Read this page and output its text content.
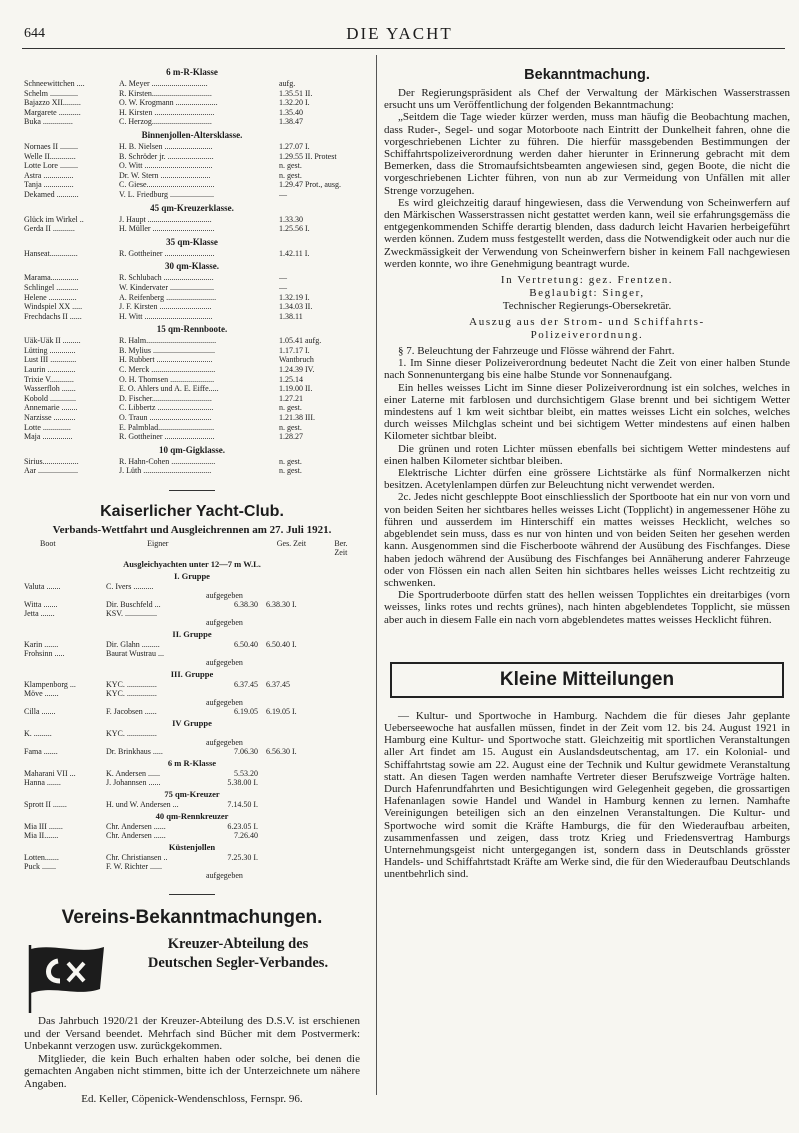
644	DIE YACHT
6 m-R-Klasse
Schneewittchen ....	A. Meyer ............................	aufg.
Schelm ..............	R. Kirsten..............................	1.35.51 II.
Bajazzo XII.........	O. W. Krogmann .....................	1.32.20 I.
Margarete ...........	H. Kirsten ..............................	1.35.40
Buka ...............	C. Herzog..............................	1.38.47
Binnenjollen-Altersklasse.
Nornaes II .........	H. B. Nielsen ........................	1.27.07 I.
Welle II.............	B. Schröder jr. .......................	1.29.55 II. Protest
Lotte Lore .........	O. Witt ..................................	n. gest.
Astra ...............	Dr. W. Stern .........................	n. gest.
Tanja ...............	C. Giese..................................	1.29.47 Prot., ausg.
Dekamed ...........	V. L. Friedburg ......................	—
45 qm-Kreuzerklasse.
Glück im Wirkel ..	J. Haupt ................................	1.33.30
Gerda II ...........	H. Müller ...............................	1.25.56 I.
35 qm-Klasse
Hanseat..............	R. Gottheiner .........................	1.42.11 I.
30 qm-Klasse.
Marama..............	R. Schlubach .........................	—
Schlingel ...........	W. Kindervater ......................	—
Helene ..............	A. Reifenberg .........................	1.32.19 I.
Windspiel XX .....	J. F. Kirsten ..........................	1.34.03 II.
Frechdachs II ......	H. Witt ..................................	1.38.11
15 qm-Rennboote.
Uäk-Uäk II .........	R. Halm...................................	1.05.41 aufg.
Lütting .............	B. Mylius ...............................	1.17.17 I.
Lust III .............	H. Rubbert ............................	Wantbruch
Laurin ..............	C. Merck ................................	1.24.39 IV.
Trixie V............	O. H. Thomsen ......................	1.25.14
Wasserfloh .......	E. O. Ahlers und A. E. Eiffe.....	1.19.00 II.
Kobold .............	D. Fischer..............................	1.27.21
Annemarie ........	C. Libbertz ............................	n. gest.
Narzisse ...........	O. Traun ...............................	1.21.38 III.
Lotte ..............	E. Palmblad............................	n. gest.
Maja ...............	R. Gottheiner .........................	1.28.27
10 qm-Gigklasse.
Sirius..................	R. Hahn-Cohen ......................	n. gest.
Aar ....................	J. Lüth ..................................	n. gest.
Kaiserlicher Yacht-Club.
Verbands-Wettfahrt und Ausgleichrennen am 27. Juli 1921.
Boot	Eigner	Ges. Zeit	Ber. Zeit
Ausgleichyachten unter 12—7 m W.L.
I. Gruppe
Valuta .......	C. Ivers ..........
aufgegeben
Witta .......	Dir. Buschfeld ...	6.38.30	6.38.30 I.
Jetta .......	KSV. ................
aufgegeben
II. Gruppe
Karin .......	Dir. Glahn .........	6.50.40	6.50.40 I.
Frohsinn .....	Baurat Wustrau ...
aufgegeben
III. Gruppe
Klampenborg ...	KYC. ...............	6.37.45	6.37.45
Möve .......	KYC. ...............
aufgegeben
Cilla .......	F. Jacobsen ......	6.19.05	6.19.05 I.
IV Gruppe
K. .........	KYC. ...............
aufgegeben
Fama .......	Dr. Brinkhaus .....	7.06.30	6.56.30 I.
6 m R-Klasse
Maharani VII ...	K. Andersen ......	5.53.20
Hanna .......	J. Johannsen ......	5.38.00 I.
75 qm-Kreuzer
Sprott II .......	H. und W. Andersen ...	7.14.50 I.
40 qm-Rennkreuzer
Mia III .......	Chr. Andersen ......	6.23.05 I.
Mia II.......	Chr. Andersen ......	7.26.40
Küstenjollen
Lotten.......	Chr. Christiansen ..	7.25.30 I.
Puck .......	F. W. Richter ......
aufgegeben
Vereins-Bekanntmachungen.
Kreuzer-Abteilung des
Deutschen Segler-Verbandes.

Das Jahrbuch 1920/21 der Kreuzer-Abteilung des D.S.V. ist erschienen und der Versand beendet. Mehrfach sind Bücher mit dem Postvermerk: Unbekannt verzogen usw. zurückgekommen.

Mitglieder, die kein Buch erhalten haben oder solche, bei denen die gemachten Angaben nicht stimmen, bitte ich der Unterzeichnete um nähere Angaben.

Ed. Keller, Cöpenick-Wendenschloss, Fernspr. 96.
Bekanntmachung.

Der Regierungspräsident als Chef der Verwaltung der Märkischen Wasserstrassen ersucht uns um Veröffentlichung der folgenden Bekanntmachung:

„Seitdem die Tage wieder kürzer werden, muss man häufig die Beobachtung machen, dass Ruder-, Segel- und sogar Motorboote nach Eintritt der Dunkelheit fahren, ohne die vorgeschriebenen Lichter zu führen. Die hierfür massgebenden Bestimmungen der Schiffahrtspolizeiverordnung werden daher hierunter in Erinnerung gebracht mit dem Bemerken, dass die Stromaufsichtsbeamten angewiesen sind, gegen Boote, die nicht die vorgeschriebenen Lichter führen, von nun ab zur Vermeidung von Unfällen mit aller Strenge vorzugehen.

Es wird gleichzeitig darauf hingewiesen, dass die Verwendung von Scheinwerfern auf den Märkischen Wasserstrassen nicht gestattet werden kann, weil sie erfahrungsgemäss die entgegenkommenden Schiffe derartig blenden, dass dadurch leicht Havarien herbeigeführt werden können. Zudem muss festgestellt werden, dass die Notwendigkeit oder auch nur die Zweckmässigkeit der Verwendung von Scheinwerfern bisher in keinem Fall nachgewiesen werden konnte, wo ihre Genehmigung beantragt wurde.

In Vertretung: gez. Frentzen.
Beglaubigt: Singer,
Technischer Regierungs-Obersekretär.
Auszug aus der Strom- und Schiffahrts-
Polizeiverordnung.

§ 7. Beleuchtung der Fahrzeuge und Flösse während der Fahrt.

1. Im Sinne dieser Polizeiverordnung bedeutet Nacht die Zeit von einer halben Stunde nach Sonnenuntergang bis eine halbe Stunde vor Sonnenaufgang.

Ein helles weisses Licht im Sinne dieser Polizeiverordnung ist ein solches, welches in einer Laterne mit farblosen und durchsichtigem Glase brennt und bei sichtigem Wetter mindestens auf 1 km weit sichtbar bleibt, ein mattes weisses Licht ein solches, welches durch weisses Milchglas scheint und bei sichtigem Wetter mindestens auf einen halben Kilometer sichtbar bleibt.

Die grünen und roten Lichter müssen ebenfalls bei sichtigem Wetter mindestens auf einen halben Kilometer sichtbar bleiben.

Elektrische Lichter dürfen eine grössere Lichtstärke als fünf Normalkerzen nicht besitzen. Acetylenlampen dürfen zur Beleuchtung nicht verwendet werden.

2c. Jedes nicht geschleppte Boot einschliesslich der Sportboote hat ein nur von vorn und von beiden Seiten her sichtbares helles weisses Licht (Topplicht) in angemessener Höhe zu führen und ausserdem im Hinterschiff ein mattes weisses Hecklicht, welches so abgeblendet sein muss, dass es nur von hinten und von beiden Seiten her gesehen werden kann. Ausgenommen sind die Fischerboote während der Ausübung des Fischfanges. Diese haben jedoch während der Ausübung des Fischfanges bei Annäherung anderer Fahrzeuge oder von Flössen ein nach allen Seiten hin sichtbares helles weisses Licht rechtzeitig zu schwenken.

Die Sportruderboote dürfen statt des hellen weissen Topplichtes ein dreitarbiges (vorn weisses, links rotes und rechts grünes), nach hinten abgeblendetes Topplicht, sie müssen aber auch in diesem Falle ein nach vorn abgeblendetes mattes weisses Hecklicht führen.

Kleine Mitteilungen

— Kultur- und Sportwoche in Hamburg. Nachdem die für dieses Jahr geplante Ueberseewoche hat ausfallen müssen, findet in der Zeit vom 12. bis 24. August 1921 in Hamburg eine Kultur- und Sportwoche statt. Gleichzeitig mit sportlichen Veranstaltungen aller Art findet am 15. August ein Auslandsdeutschentag, am 17. ein Kolonial- und Schiffahrtstag sowie am 22. August eine der Technik und Kultur gewidmete Veranstaltung statt. An diesen Tagen werden namhafte Vertreter dieser Berufszweige Vorträge halten. Durch Hafenrundfahrten und Besichtigungen wird Gelegenheit gegeben, die grossartigen Hafenanlagen sowie Handel und Wandel in Hamburg kennen zu lernen. Namhafte Vereinigungen beteiligen sich an den einzelnen Veranstaltungen. Die Kultur- und Sportwoche wird somit die Kräfte Hamburgs, die für den Wiederaufbau arbeiten, zusammenfassen und zeigen, dass trotz Krieg und Friedensvertrag Hamburgs Unternehmungsgeist nicht untergegangen ist, sondern dass in Deutschlands grösster Handels- und Schiffahrtstadt Kräfte am Werke sind, die für den Wiederaufbau Deutschlands unentbehrlich sind.
